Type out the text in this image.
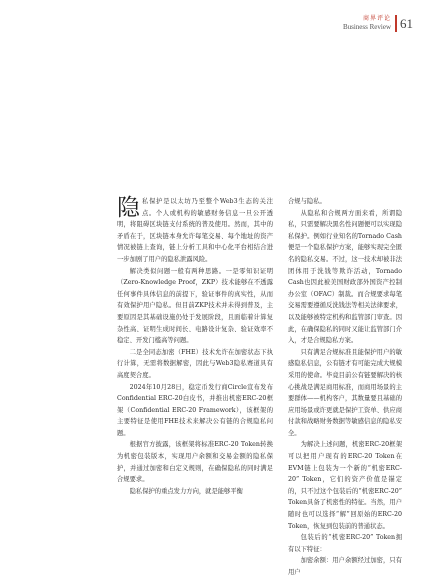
商界评论
Business Review 61

隐私保护是以太坊乃至整个Web3生态的关注点。个人或机构的敏感财务信息一旦公开透明，将阻碍区块链支付系统的普及使用。然而，其中的矛盾在于，区块链本身允许每笔交易、每个地址的资产情况被链上查询，链上分析工具和中心化平台相结合进一步加剧了用户的隐私泄露风险。

解决类似问题一般有两种思路。一是零知识证明（Zero-Knowledge Proof，ZKP）技术能够在不透露任何事件具体信息的前提下，验证事件的真实性，从而有效保护用户隐私。但目前ZKP技术并未得到普及，主要原因是其基础设施仍处于发展阶段，且面临着计算复杂性高、证明生成时间长、电路设计复杂、验证效率不稳定、开发门槛高等问题。

二是全同态加密（FHE）技术允许在加密状态下执行计算，无需将数据解密，因此与Web3隐私赛道具有高度契合度。

2024年10月28日，稳定币发行商Circle宣布发布Confidential ERC-20白皮书，并推出机密ERC-20框架（Confidential ERC-20 Framework），该框架的主要特征是使用FHE技术来解决公有链的合规隐私问题。

根据官方披露，该框架将标准ERC-20 Token转换为机密包装版本，实现用户余额和交易金额的隐私保护，并通过加密和白定义规则，在确保隐私的同时满足合规要求。

隐私保护的重点发力方向，就是能够平衡

合规与隐私。

从隐私和合规两方面来看，所谓隐私，只需要解决黑名性问题便可以实现隐私保护。例如行业知名的Tornado Cash便是一个隐私保护方案，能够实现完全匿名的隐私交易。不过，这一技术却被非法团体用于洗钱等欺诈活动，Tornado Cash也因此被美国财政部外国资产控制办公室（OFAC）制裁。而合规要求每笔交易需要遵循反洗钱法等相关法律要求，以及能够被特定机构和监管部门审查。因此，在确保隐私的同时又能让监管部门介入，才是合规隐私方案。

只有满足合规标准且能保护用户的敏感隐私信息，公有链才有可能完成大规模采用的使命。毕竟目前公有链要解决的核心挑战是满足商用标准，而商用场景的主要群体——机构客户，其数量要且基础的应用场景或许更就是保护工资单、供应商付款和战略财务数据等敏感信息的隐私安全。

为解决上述问题，机密ERC-20框架可以把用户现有的ERC-20 Token在EVM链上包装为一个新的“机密ERC-20” Token，它们的资产价值是锚定的，只不过这个包装后的“机密ERC-20” Token具备了机密性的特征。当然，用户随时也可以选择“解”回原始的ERC-20 Token，恢复到包装前的普通状态。

包装后的“机密ERC-20” Token拥有以下特征：

加密余额：用户余额经过加密，只有用户
